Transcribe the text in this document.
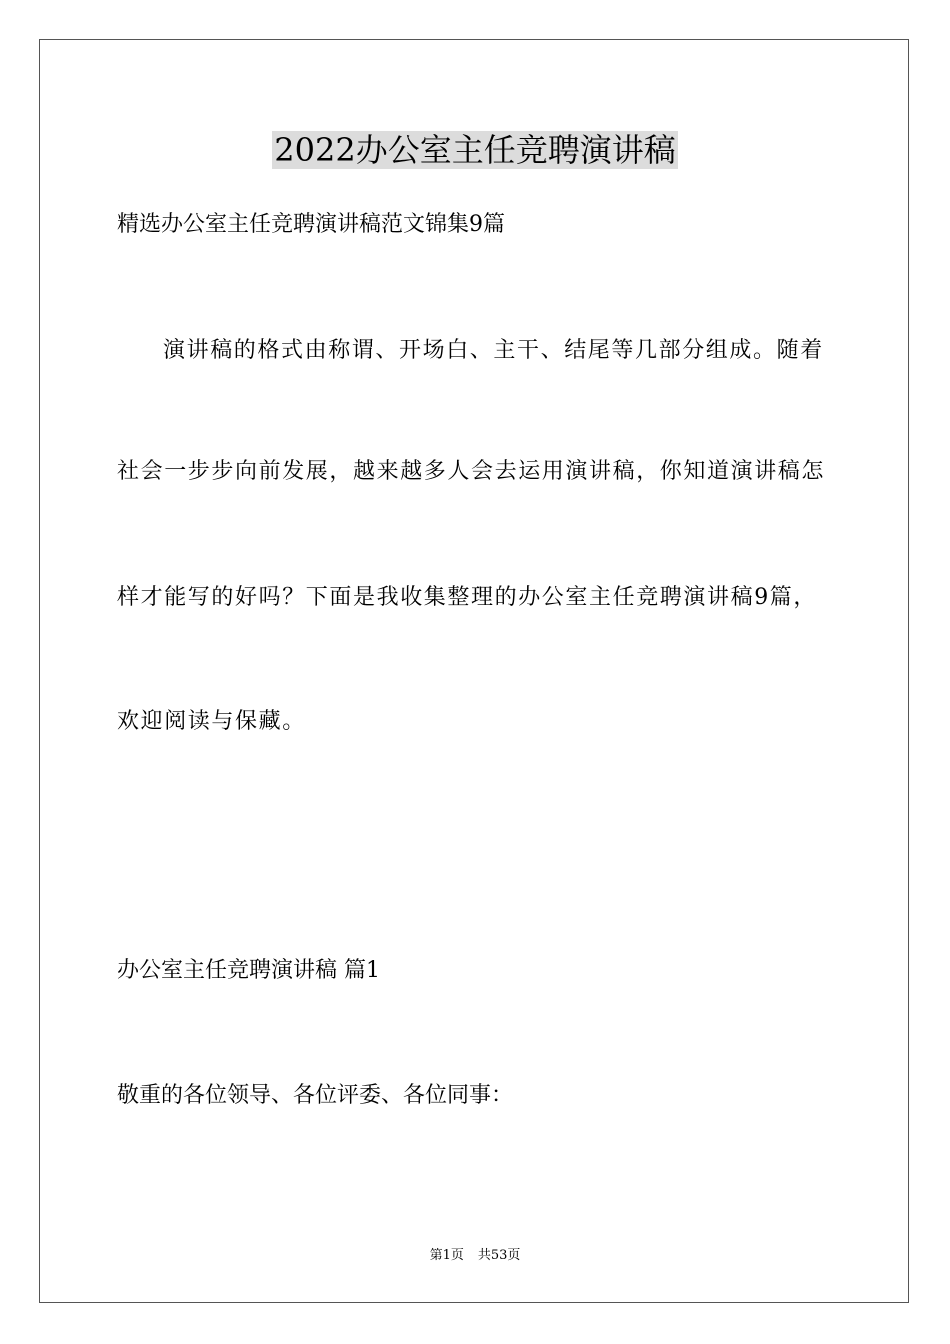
2022办公室主任竞聘演讲稿
精选办公室主任竞聘演讲稿范文锦集9篇
演讲稿的格式由称谓、开场白、主干、结尾等几部分组成。随着
社会一步步向前发展，越来越多人会去运用演讲稿，你知道演讲稿怎
样才能写的好吗？下面是我收集整理的办公室主任竞聘演讲稿9篇，
欢迎阅读与保藏。
办公室主任竞聘演讲稿 篇1
敬重的各位领导、各位评委、各位同事：
第1页 共53页
